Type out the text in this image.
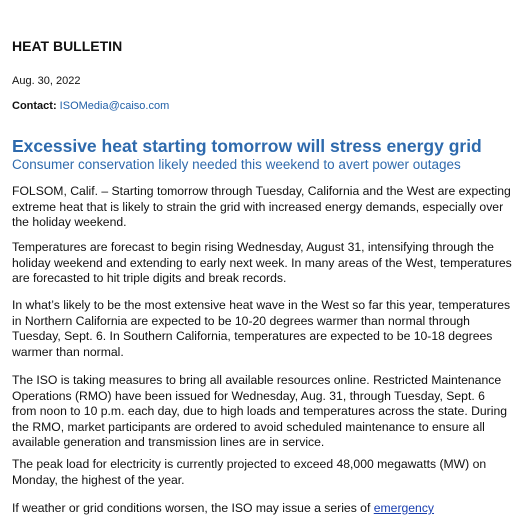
HEAT BULLETIN
Aug. 30, 2022
Contact: ISOMedia@caiso.com
Excessive heat starting tomorrow will stress energy grid
Consumer conservation likely needed this weekend to avert power outages

FOLSOM, Calif. – Starting tomorrow through Tuesday, California and the West are expecting extreme heat that is likely to strain the grid with increased energy demands, especially over the holiday weekend.

Temperatures are forecast to begin rising Wednesday, August 31, intensifying through the holiday weekend and extending to early next week. In many areas of the West, temperatures are forecasted to hit triple digits and break records.

In what’s likely to be the most extensive heat wave in the West so far this year, temperatures in Northern California are expected to be 10-20 degrees warmer than normal through Tuesday, Sept. 6. In Southern California, temperatures are expected to be 10-18 degrees warmer than normal.

The ISO is taking measures to bring all available resources online. Restricted Maintenance Operations (RMO) have been issued for Wednesday, Aug. 31, through Tuesday, Sept. 6 from noon to 10 p.m. each day, due to high loads and temperatures across the state. During the RMO, market participants are ordered to avoid scheduled maintenance to ensure all available generation and transmission lines are in service.

The peak load for electricity is currently projected to exceed 48,000 megawatts (MW) on Monday, the highest of the year.

If weather or grid conditions worsen, the ISO may issue a series of emergency
